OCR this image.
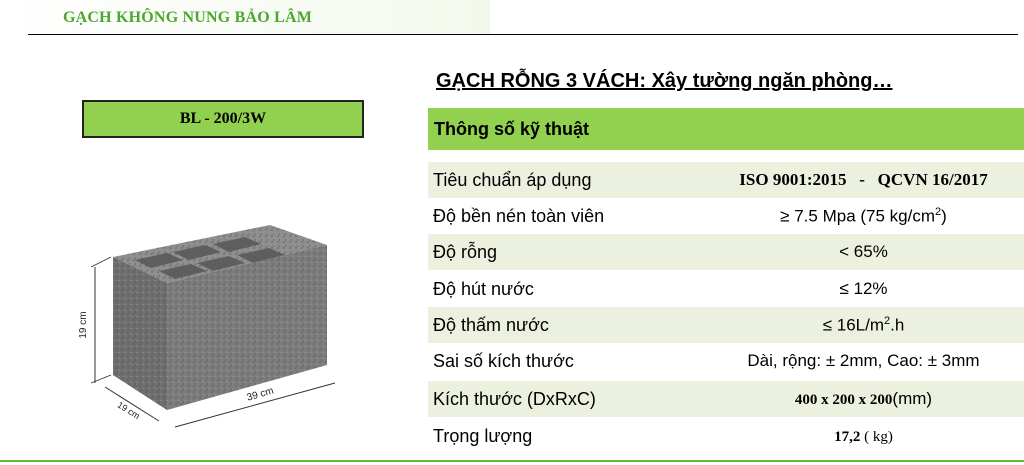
GẠCH KHÔNG NUNG BẢO LÂM
BL - 200/3W
19 cm
39 cm
19 cm
GẠCH RỖNG 3 VÁCH: Xây tường ngăn phòng…
Thông số kỹ thuật
Tiêu chuẩn áp dụng	ISO 9001:2015   -   QCVN 16/2017
Độ bền nén toàn viên	≥ 7.5 Mpa (75 $kg/cm^2$)
Độ rỗng	< 65%
Độ hút nước	≤ 12%
Độ thấm nước	≤ $16L/m^2.h$
Sai số kích thước	Dài, rộng: ± 2mm, Cao: ± 3mm
Kích thước (DxRxC)	400 x 200 x 200(mm)
Trọng lượng	17,2 ( kg)
